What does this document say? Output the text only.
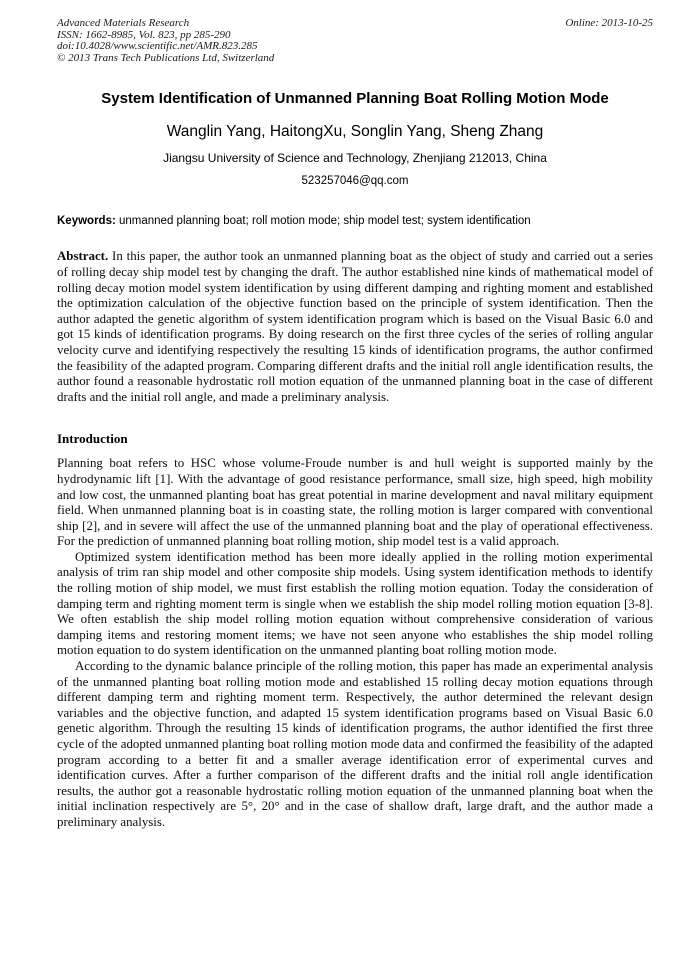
Advanced Materials Research
ISSN: 1662-8985, Vol. 823, pp 285-290
doi:10.4028/www.scientific.net/AMR.823.285
© 2013 Trans Tech Publications Ltd, Switzerland
Online: 2013-10-25
System Identification of Unmanned Planning Boat Rolling Motion Mode
Wanglin Yang, HaitongXu, Songlin Yang, Sheng Zhang
Jiangsu University of Science and Technology, Zhenjiang 212013, China
523257046@qq.com

Keywords: unmanned planning boat; roll motion mode; ship model test; system identification

Abstract. In this paper, the author took an unmanned planning boat as the object of study and carried out a series of rolling decay ship model test by changing the draft. The author established nine kinds of mathematical model of rolling decay motion model system identification by using different damping and righting moment and established the optimization calculation of the objective function based on the principle of system identification. Then the author adapted the genetic algorithm of system identification program which is based on the Visual Basic 6.0 and got 15 kinds of identification programs. By doing research on the first three cycles of the series of rolling angular velocity curve and identifying respectively the resulting 15 kinds of identification programs, the author confirmed the feasibility of the adapted program. Comparing different drafts and the initial roll angle identification results, the author found a reasonable hydrostatic roll motion equation of the unmanned planning boat in the case of different drafts and the initial roll angle, and made a preliminary analysis.

Introduction

Planning boat refers to HSC whose volume-Froude number is and hull weight is supported mainly by the hydrodynamic lift [1]. With the advantage of good resistance performance, small size, high speed, high mobility and low cost, the unmanned planting boat has great potential in marine development and naval military equipment field. When unmanned planning boat is in coasting state, the rolling motion is larger compared with conventional ship [2], and in severe will affect the use of the unmanned planning boat and the play of operational effectiveness. For the prediction of unmanned planning boat rolling motion, ship model test is a valid approach.

Optimized system identification method has been more ideally applied in the rolling motion experimental analysis of trim ran ship model and other composite ship models. Using system identification methods to identify the rolling motion of ship model, we must first establish the rolling motion equation. Today the consideration of damping term and righting moment term is single when we establish the ship model rolling motion equation [3-8]. We often establish the ship model rolling motion equation without comprehensive consideration of various damping items and restoring moment items; we have not seen anyone who establishes the ship model rolling motion equation to do system identification on the unmanned planting boat rolling motion mode.

According to the dynamic balance principle of the rolling motion, this paper has made an experimental analysis of the unmanned planting boat rolling motion mode and established 15 rolling decay motion equations through different damping term and righting moment term. Respectively, the author determined the relevant design variables and the objective function, and adapted 15 system identification programs based on Visual Basic 6.0 genetic algorithm. Through the resulting 15 kinds of identification programs, the author identified the first three cycle of the adopted unmanned planting boat rolling motion mode data and confirmed the feasibility of the adapted program according to a better fit and a smaller average identification error of experimental curves and identification curves. After a further comparison of the different drafts and the initial roll angle identification results, the author got a reasonable hydrostatic rolling motion equation of the unmanned planning boat when the initial inclination respectively are 5°, 20° and in the case of shallow draft, large draft, and the author made a preliminary analysis.
